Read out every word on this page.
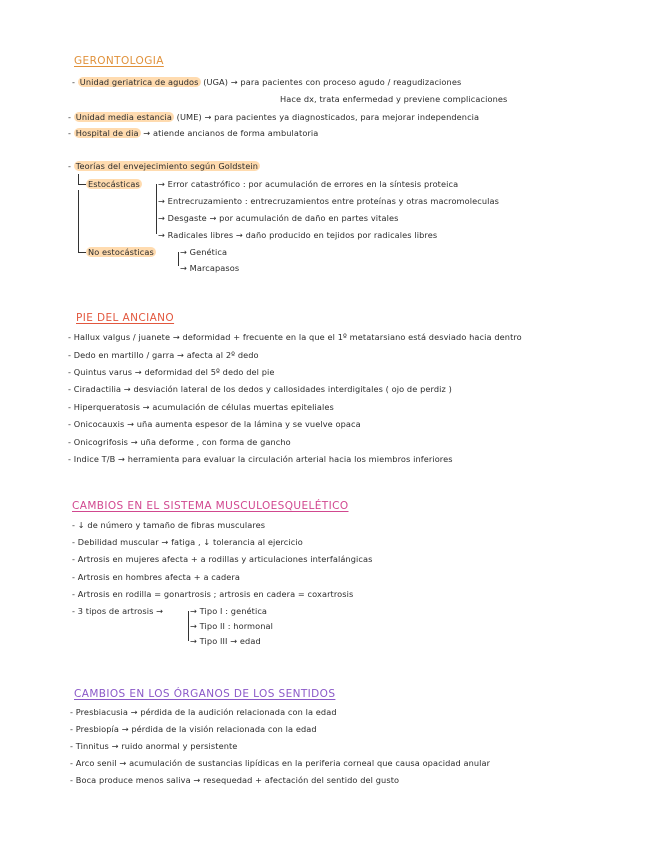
GERONTOLOGIA
- Unidad geriatrica de agudos (UGA) → para pacientes con proceso agudo / reagudizaciones
Hace dx, trata enfermedad y previene complicaciones
- Unidad media estancia (UME) → para pacientes ya diagnosticados, para mejorar independencia
- Hospital de dia → atiende ancianos de forma ambulatoria
- Teorías del envejecimiento según Goldstein
Estocásticas → Error catastrófico : por acumulación de errores en la síntesis proteica
→ Entrecruzamiento : entrecruzamientos entre proteínas y otras macromoleculas
→ Desgaste → por acumulación de daño en partes vitales
→ Radicales libres → daño producido en tejidos por radicales libres
No estocásticas	→ Genética
→ Marcapasos
PIE DEL ANCIANO
- Hallux valgus / juanete → deformidad + frecuente en la que el 1º metatarsiano está desviado hacia dentro
- Dedo en martillo / garra → afecta al 2º dedo
- Quintus varus → deformidad del 5º dedo del pie
- Ciradactilia → desviación lateral de los dedos y callosidades interdigitales ( ojo de perdiz )
- Hiperqueratosis → acumulación de células muertas epiteliales
- Onicocauxis → uña aumenta espesor de la lámina y se vuelve opaca
- Onicogrifosis → uña deforme , con forma de gancho
- Indice T/B → herramienta para evaluar la circulación arterial hacia los miembros inferiores
CAMBIOS EN EL SISTEMA MUSCULOESQUELÉTICO
- ↓ de número y tamaño de fibras musculares
- Debilidad muscular → fatiga , ↓ tolerancia al ejercicio
- Artrosis en mujeres afecta + a rodillas y articulaciones interfalángicas
- Artrosis en hombres afecta + a cadera
- Artrosis en rodilla = gonartrosis ; artrosis en cadera = coxartrosis
- 3 tipos de artrosis →	→ Tipo I : genética
→ Tipo II : hormonal
→ Tipo III → edad
CAMBIOS EN LOS ÓRGANOS DE LOS SENTIDOS
- Presbiacusia → pérdida de la audición relacionada con la edad
- Presbiopía → pérdida de la visión relacionada con la edad
- Tinnitus → ruido anormal y persistente
- Arco senil → acumulación de sustancias lipídicas en la periferia corneal que causa opacidad anular
- Boca produce menos saliva → resequedad + afectación del sentido del gusto
